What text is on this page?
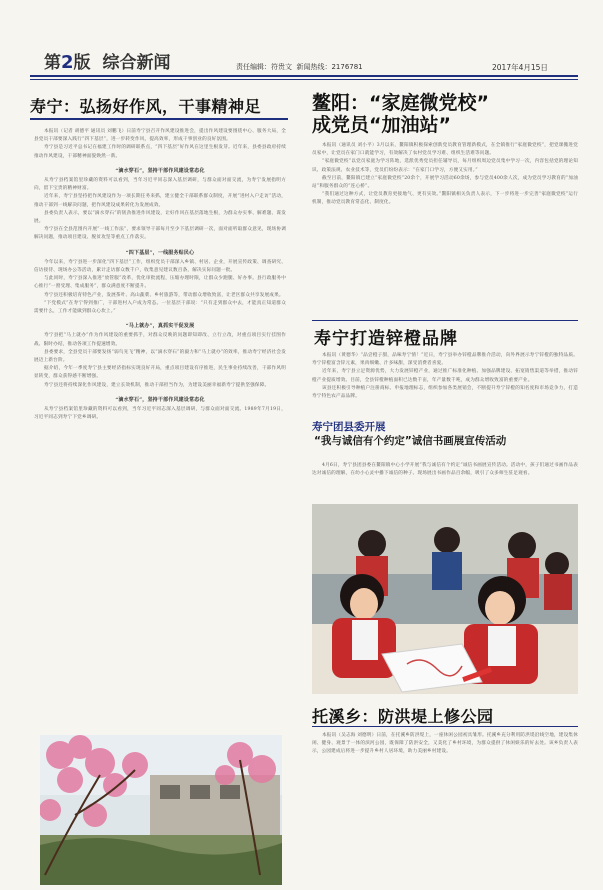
第2版 综合新闻	责任编辑：符贵文 新闻热线：2176781	2017年4月15日
寿宁：弘扬好作风，干事精神足

本报讯（记者 胡德平 通讯员 刘鹏飞）日前寿宁县召开作风建设推进会，提出作风建设要围绕中心、服务大局，全县党员干部要深入践行“四下基层”，进一步转变作风，提高效率，形成干事创业的良好氛围。

寿宁县是习近平总书记在福建工作时的调研联系点，“四下基层”好作风在这里生根发芽。近年来，县委县政府持续推动作风建设，干部精神面貌焕然一新。

“滴水穿石”，坚持干部作风建设常态化

从寿宁县档案馆里珍藏的资料可以看到，当年习近平同志深入基层调研，与群众面对面交流，为寿宁发展指明方向，留下宝贵的精神财富。

近年来，寿宁县坚持把作风建设作为一项长期任务来抓，建立健全干部联系群众制度，开展“进村入户走访”活动，推动干部到一线解决问题，把作风建设成果转化为发展成效。

县委负责人表示，要以“滴水穿石”的韧劲推进作风建设，让好作风在基层落地生根，为群众办实事、解难题、谋发展。

寿宁县在全县范围内开展“一线工作法”，要求领导干部每月至少下基层调研一次，面对面听取群众意见，现场协调解决问题，推动项目建设、脱贫攻坚等重点工作落实。

“四下基层”，一线服务贴民心

今年以来，寿宁县进一步深化“四下基层”工作，组织党员干部深入乡镇、村居、企业，开展宣传政策、调查研究、信访接待、现场办公等活动，累计走访群众数千户，收集意见建议数百条，解决实际问题一批。

与此同时，寿宁县深入推进“放管服”改革，优化审批流程，压缩办理时限，让群众少跑腿、好办事。县行政服务中心推行“一窗受理、集成服务”，群众满意度不断提升。

寿宁县还积极培育特色产业，发展茶叶、高山蔬菜、乡村旅游等，带动群众增收致富，让老区群众共享发展成果。

“下党模式”在寿宁得到推广，干部进村入户成为常态。一位基层干部说：“只有走到群众中去，才能真正知道群众需要什么，工作才能做到群众心坎上。”

“马上就办”，真抓实干促发展

寿宁县把“马上就办”作为作风建设的重要抓手，对群众反映的问题即知即改、立行立改，对重点项目实行挂图作战、限时办结，推动各项工作提速增效。

县委要求，全县党员干部要发扬“弱鸟先飞”精神，以“滴水穿石”的毅力和“马上就办”的效率，推动寿宁经济社会发展迈上新台阶。

据介绍，今年一季度寿宁县主要经济指标实现良好开局，重点项目建设有序推进，民生事业持续改善，干部作风明显转变，群众获得感不断增强。

寿宁县还将持续深化作风建设，建立长效机制，推动干部担当作为，为建设美丽幸福新寿宁提供坚强保障。

“滴水穿石”，坚持干部作风建设常态化

从寿宁县档案馆里珍藏的资料可以看到，当年习近平同志深入基层调研，与群众面对面交流。1989年7月19日，习近平同志到寿宁下党乡调研。

鳌阳：“家庭微党校”
成党员“加油站”

本报讯（通讯员 刘小平）3月以来，鳌阳镇积极探索创新党员教育管理新模式，在全镇推行“家庭微党校”，把党课搬进党员家中，让党员在家门口就能学习，有效解决了农村党员学习难、组织生活难等问题。

“家庭微党校”以党员家庭为学习阵地，选派优秀党员担任辅导员，每月组织周边党员集中学习一次，内容包括党的理论知识、政策法规、农业技术等，党员们纷纷表示：“在家门口学习，方便又实用。”

截至目前，鳌阳镇已建立“家庭微党校”20余个，开展学习活动60余场，参与党员400余人次，成为党员学习教育的“加油站”和服务群众的“连心桥”。

“我们通过这种方式，让党员教育更接地气、更有实效。”鳌阳镇相关负责人表示，下一步将进一步完善“家庭微党校”运行机制，推动党员教育常态化、制度化。

寿宁打造锌橙品牌

本报讯（黄德华）“品尝橙子甜，品味寿宁情！”近日，寿宁县举办锌橙品牌推介活动，向外界展示寿宁锌橙的独特品质。寿宁锌橙富含锌元素，果肉细嫩、汁多味甜，深受消费者喜爱。

近年来，寿宁县立足资源优势，大力发展锌橙产业，通过推广标准化种植、加强品牌建设、拓宽销售渠道等举措，推动锌橙产业提质增效。目前，全县锌橙种植面积已达数千亩，年产量数千吨，成为群众增收致富的重要产业。

该县还积极引导种植户注册商标、申报地理标志，组织参加各类展销会，不断提升寿宁锌橙的知名度和市场竞争力，打造寿宁特色农产品品牌。

寿宁团县委开展
“我与诚信有个约定”诚信书画展宣传活动

4月6日，寿宁县团县委在鳌阳镇中心小学开展“我与诚信有个约定”诚信书画展宣传活动。活动中，孩子们通过书画作品表达对诚信的理解，在幼小心灵中播下诚信的种子。现场展出书画作品百余幅，吸引了众多师生驻足观看。

托溪乡：防洪堤上修公园

本报讯（吴志海 刘德明）日前，在托溪乡防洪堤上，一座休闲公园初具雏形。托溪乡充分利用防洪堤沿线空地，建设集休闲、健身、观景于一体的滨河公园，既保障了防洪安全，又美化了乡村环境，为群众提供了休闲娱乐的好去处。该乡负责人表示，公园建成后将进一步提升乡村人居环境，助力美丽乡村建设。
